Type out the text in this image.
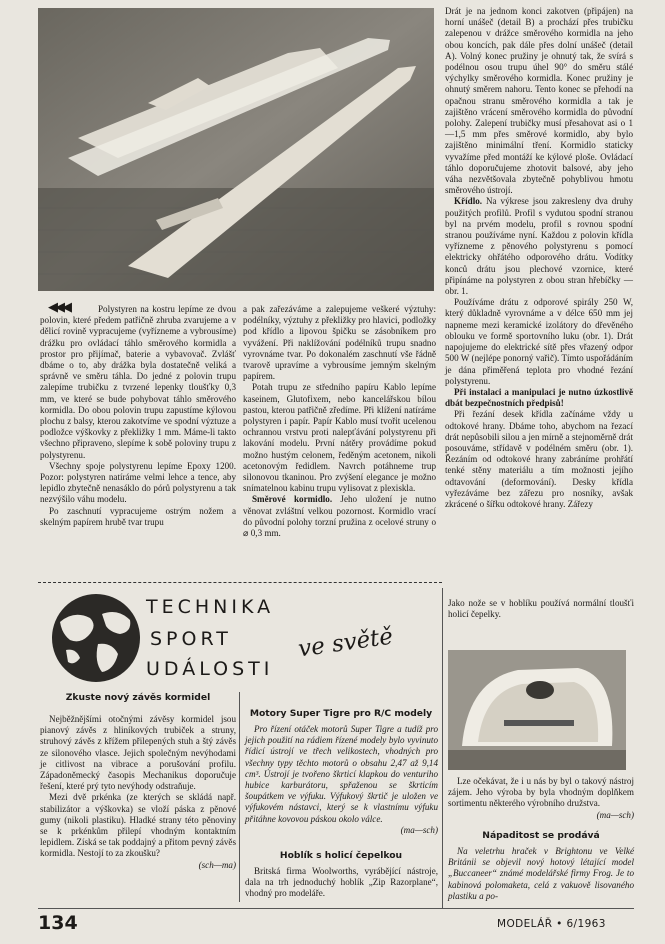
Drát je na jednom konci zakotven (připájen) na horní unášeč (detail B) a prochází přes trubičku zalepenou v drážce směrového kormidla na jeho obou koncích, pak dále přes dolní unášeč (detail A). Volný konec pružiny je ohnutý tak, že svírá s podélnou osou trupu úhel 90° do směru stálé výchylky směrového kormidla. Konec pružiny je ohnutý směrem nahoru. Tento konec se přehodí na opačnou stranu směrového kormidla a tak je zajištěno vrácení směrového kormidla do původní polohy. Zalepení trubičky musí přesahovat asi o 1—1,5 mm přes směrové kormidlo, aby bylo zajištěno minimální tření. Kormidlo staticky vyvažíme před montáží ke kýlové ploše. Ovládací táhlo doporučujeme zhotovit balsové, aby jeho váha nezvětšovala zbytečně pohyblivou hmotu směrového ústrojí.

Křídlo. Na výkrese jsou zakresleny dva druhy použitých profilů. Profil s vydutou spodní stranou byl na prvém modelu, profil s rovnou spodní stranou používáme nyní. Každou z polovin křídla vyřízneme z pěnového polystyrenu s pomocí elektricky ohřátého odporového drátu. Vodítky konců drátu jsou plechové vzornice, které připínáme na polystyren z obou stran hřebíčky — obr. 1.

Používáme drátu z odporové spirály 250 W, který důkladně vyrovnáme a v délce 650 mm jej napneme mezi keramické izolátory do dřevěného oblouku ve formě sportovního luku (obr. 1). Drát napojujeme do elektrické sítě přes vřazený odpor 500 W (nejlépe ponorný vařič). Tímto uspořádáním je dána přiměřená teplota pro vhodné řezání polystyrenu.

Při instalaci a manipulaci je nutno úzkostlivě dbát bezpečnostních předpisů!

Při řezání desek křídla začínáme vždy u odtokové hrany. Dbáme toho, abychom na řezací drát nepůsobili silou a jen mírně a stejnoměrně drát posouváme, střídavě v podélném směru (obr. 1). Řezáním od odtokové hrany zabráníme prohřátí tenké stěny materiálu a tím možnosti jejího odtavování (deformování). Desky křídla vyřezáváme bez zářezu pro nosníky, avšak zkrácené o šířku odtokové hrany. Zářezy

◀◀◀	Polystyren na kostru lepíme ze dvou polovin, které předem patřičně zhruba zvarujeme a v dělicí rovině vypracujeme (vyřízneme a vybrousíme) drážku pro ovládací táhlo směrového kormidla a prostor pro přijímač, baterie a vybavovač. Zvlášť dbáme o to, aby drážka byla dostatečně veliká a správně ve směru táhla. Do jedné z polovin trupu zalepíme trubičku z tvrzené lepenky tloušťky 0,3 mm, ve které se bude pohybovat táhlo směrového kormidla. Do obou polovin trupu zapustíme kýlovou plochu z balsy, kterou zakotvíme ve spodní výztuze a podložce výškovky z překližky 1 mm. Máme-li takto všechno připraveno, slepíme k sobě poloviny trupu z polystyrenu.

Všechny spoje polystyrenu lepíme Epoxy 1200. Pozor: polystyren natíráme velmi lehce a tence, aby lepidlo zbytečně nenasáklo do pórů polystyrenu a tak nezvýšilo váhu modelu.

Po zaschnutí vypracujeme ostrým nožem a skelným papírem hrubě tvar trupu

a pak zařezáváme a zalepujeme veškeré výztuhy: podélníky, výztuhy z překližky pro hlavici, podložky pod křídlo a lipovou špičku se zásobníkem pro vyvážení. Při naklížování podélníků trupu snadno vyrovnáme tvar. Po dokonalém zaschnutí vše řádně tvarově upravíme a vybrousíme jemným skelným papírem.

Potah trupu ze středního papíru Kablo lepíme kaseinem, Glutofixem, nebo kancelářskou bílou pastou, kterou patřičně zředíme. Při klížení natíráme polystyren i papír. Papír Kablo musí tvořit ucelenou ochrannou vrstvu proti nalepťávání polystyrenu při lakování modelu. První nátěry provádíme pokud možno hustým celonem, ředěným acetonem, nikoli acetonovým ředidlem. Navrch potáhneme trup silonovou tkaninou. Pro zvýšení elegance je možno snímatelnou kabinu trupu vylisovat z plexiskla.

Směrové kormidlo. Jeho uložení je nutno věnovat zvláštní velkou pozornost. Kormidlo vrací do původní polohy torzní pružina z ocelové struny o ⌀ 0,3 mm.

TECHNIKA
SPORT
UDÁLOSTI
ve světě

Jako nože se v hoblíku používá normální tloušťi holicí čepelky.

Zkuste nový závěs kormidel

Nejběžnějšími otočnými závěsy kormidel jsou pianový závěs z hliníkových trubiček a struny, struhový závěs z křížem přilepených stuh a štý závěs ze silonového vlasce. Jejich společným nevýhodami je citlivost na vibrace a porušování profilu. Západoněmecký časopis Mechanikus doporučuje řešení, které prý tyto nevýhody odstraňuje.

Mezi dvě prkénka (ze kterých se skládá např. stabilizátor a výškovka) se vloží páska z pěnové gumy (nikoli plastiku). Hladké strany této pěnoviny se k prkénkům přilepí vhodným kontaktním lepidlem. Získá se tak poddajný a přitom pevný závěs kormidla. Nestojí to za zkoušku?

(sch—ma)
Motory Super Tigre pro R/C modely

Pro řízení otáček motorů Super Tigre a tudíž pro jejich použití na rádiem řízené modely bylo vyvinuto řídicí ústrojí ve třech velikostech, vhodných pro všechny typy těchto motorů o obsahu 2,47 až 9,14 cm³. Ústrojí je tvořeno škrticí klapkou do venturiho hubice karburátoru, spřaženou se škrticím šoupátkem ve výfuku. Výfukový škrtič je uložen ve výfukovém nástavci, který se k vlastnímu výfuku přitáhne kovovou páskou okolo válce.

(ma—sch)
Hoblík s holicí čepelkou

Britská firma Woolworths, vyrábějící nástroje, dala na trh jednoduchý hoblík „Zip Razorplane“, vhodný pro modeláře.

Lze očekávat, že i u nás by byl o takový nástroj zájem. Jeho výroba by byla vhodným doplňkem sortimentu některého výrobního družstva.

(ma—sch)
Nápaditost se prodává

Na veletrhu hraček v Brightonu ve Velké Británii se objevil nový hotový létající model „Buccaneer“ známé modelářské firmy Frog. Je to kabinová polomaketa, celá z vakuově lisovaného plastiku a po-

134	MODELÁŘ • 6/1963
